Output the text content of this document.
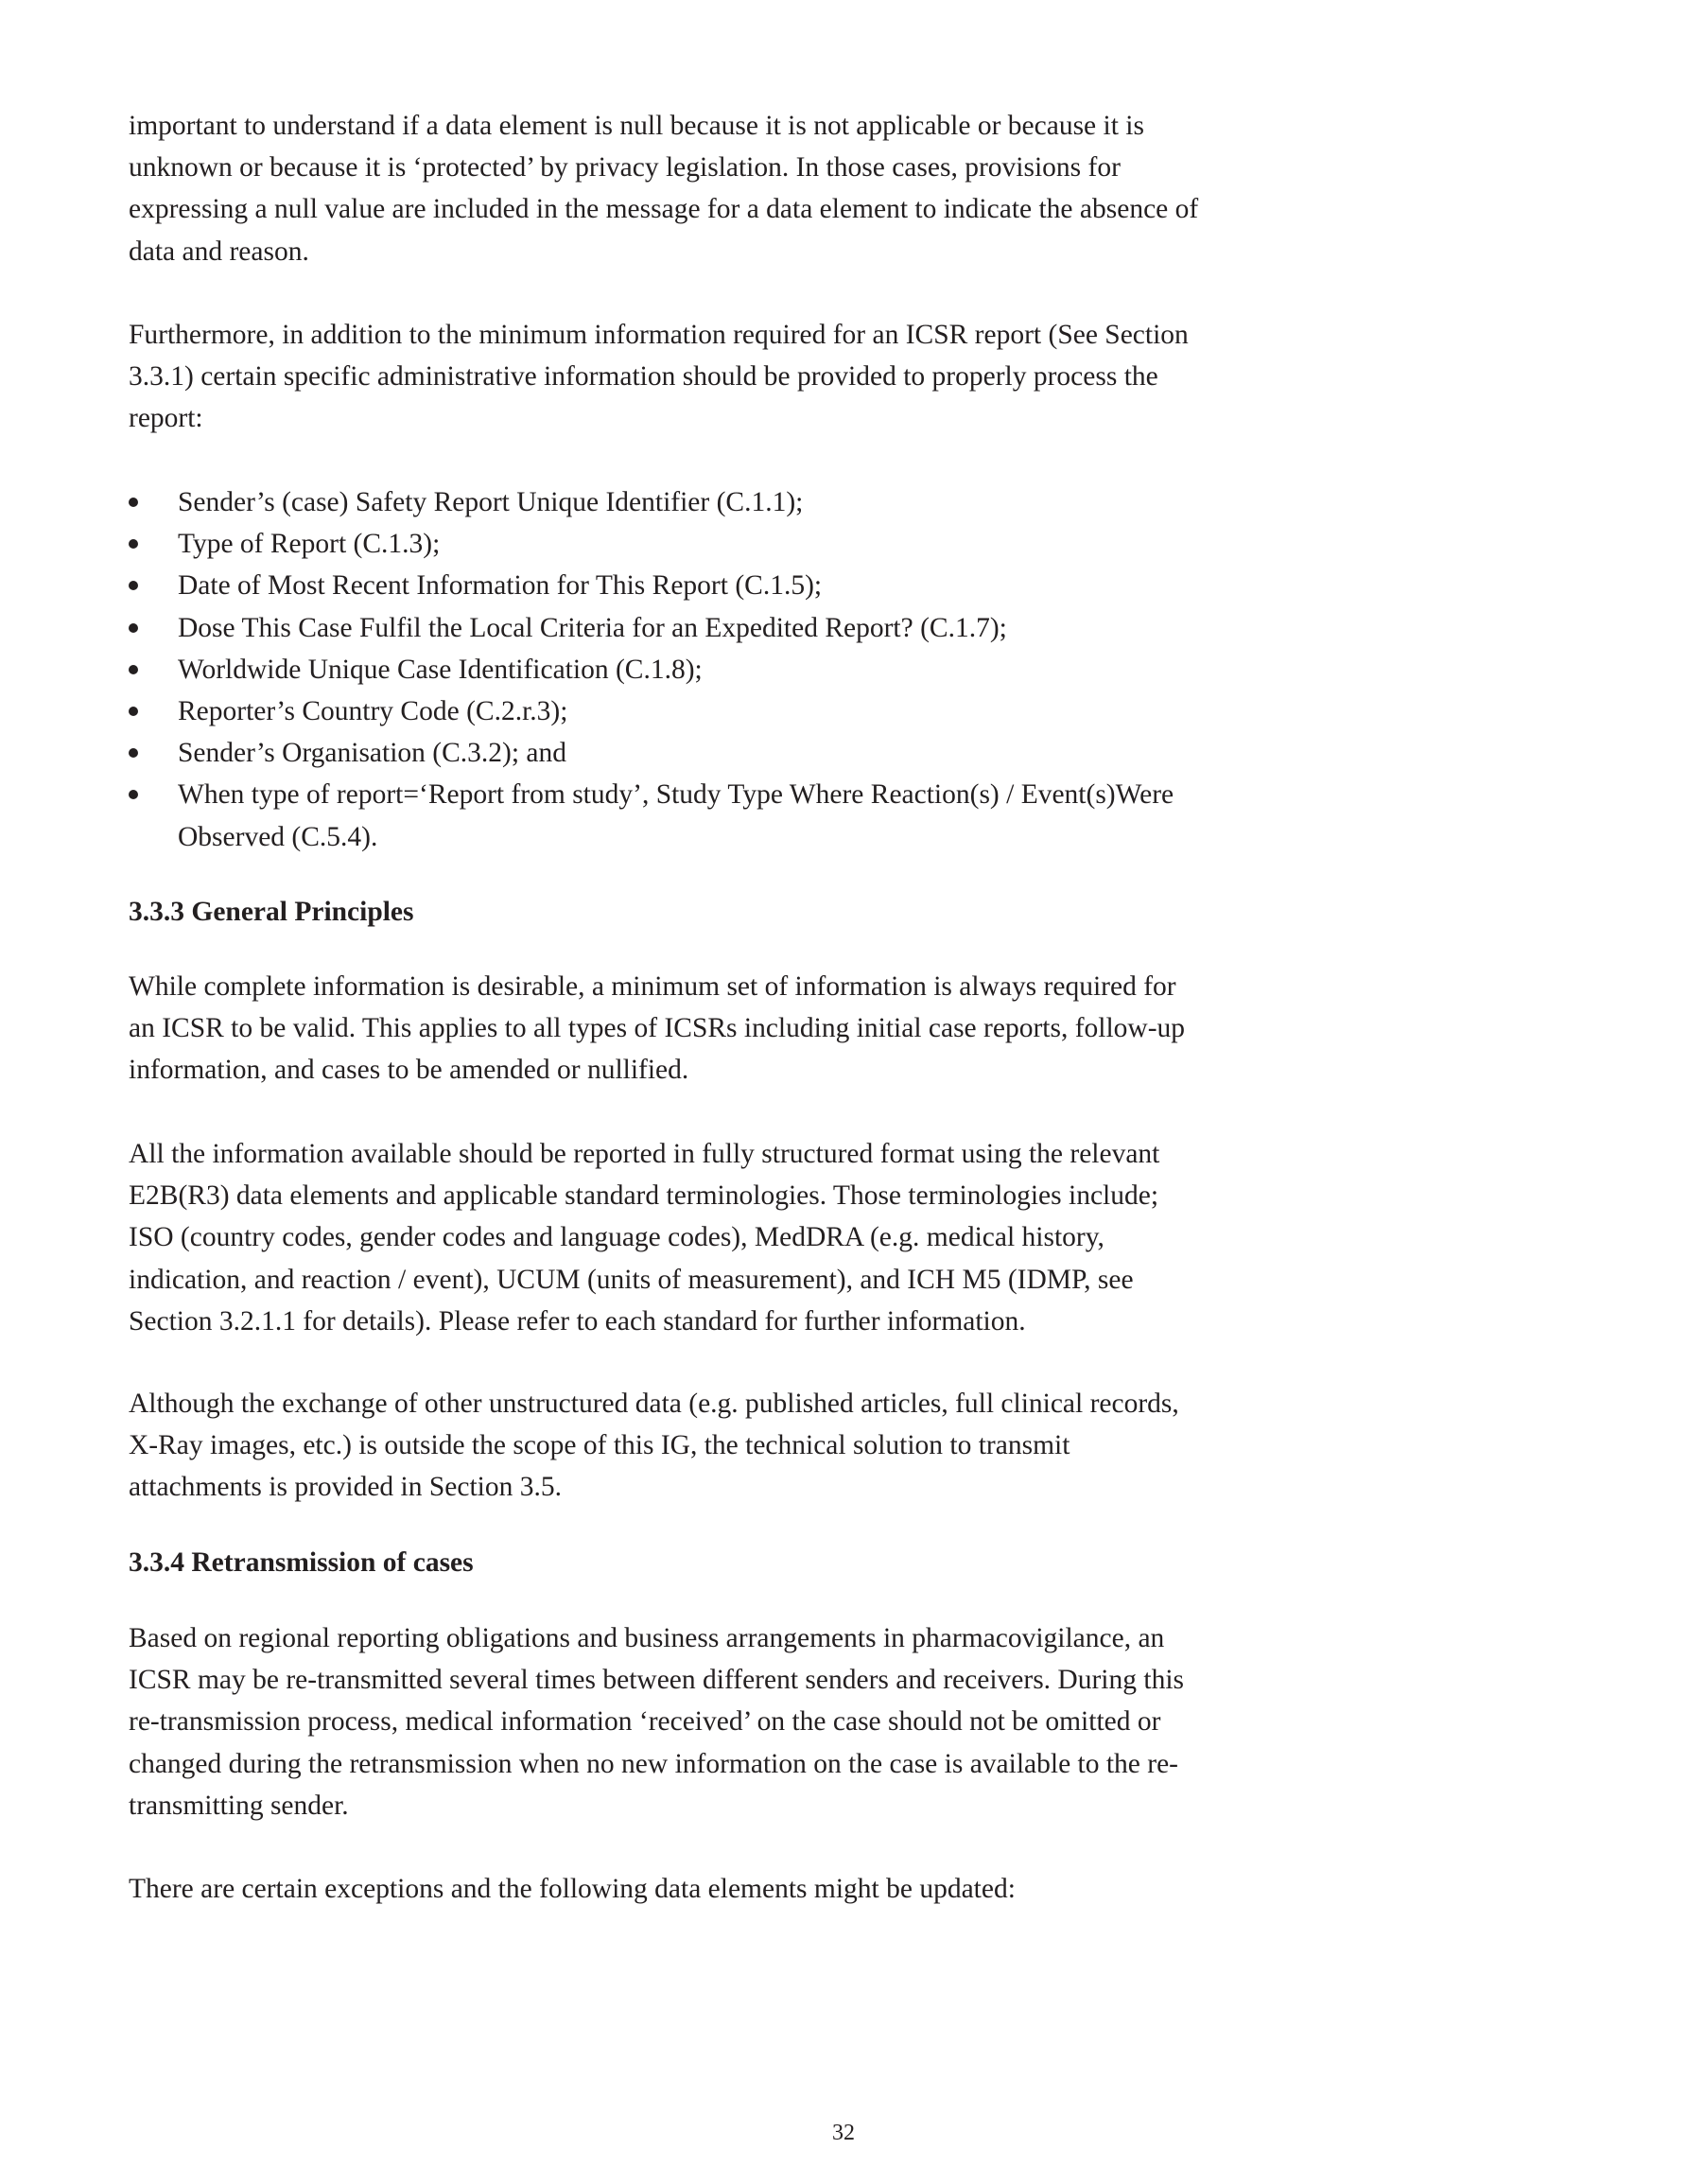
important to understand if a data element is null because it is not applicable or because it is
unknown or because it is ‘protected’ by privacy legislation. In those cases, provisions for
expressing a null value are included in the message for a data element to indicate the absence of
data and reason.
Furthermore, in addition to the minimum information required for an ICSR report (See Section
3.3.1) certain specific administrative information should be provided to properly process the
report:
Sender’s (case) Safety Report Unique Identifier (C.1.1);
Type of Report (C.1.3);
Date of Most Recent Information for This Report (C.1.5);
Dose This Case Fulfil the Local Criteria for an Expedited Report? (C.1.7);
Worldwide Unique Case Identification (C.1.8);
Reporter’s Country Code (C.2.r.3);
Sender’s Organisation (C.3.2); and
When type of report=‘Report from study’, Study Type Where Reaction(s) / Event(s)Were
Observed (C.5.4).
3.3.3 General Principles
While complete information is desirable, a minimum set of information is always required for
an ICSR to be valid. This applies to all types of ICSRs including initial case reports, follow-up
information, and cases to be amended or nullified.
All the information available should be reported in fully structured format using the relevant
E2B(R3) data elements and applicable standard terminologies. Those terminologies include;
ISO (country codes, gender codes and language codes), MedDRA (e.g. medical history,
indication, and reaction / event), UCUM (units of measurement), and ICH M5 (IDMP, see
Section 3.2.1.1 for details). Please refer to each standard for further information.
Although the exchange of other unstructured data (e.g. published articles, full clinical records,
X-Ray images, etc.) is outside the scope of this IG, the technical solution to transmit
attachments is provided in Section 3.5.
3.3.4 Retransmission of cases
Based on regional reporting obligations and business arrangements in pharmacovigilance, an
ICSR may be re-transmitted several times between different senders and receivers. During this
re-transmission process, medical information ‘received’ on the case should not be omitted or
changed during the retransmission when no new information on the case is available to the re-
transmitting sender.
There are certain exceptions and the following data elements might be updated:
32
